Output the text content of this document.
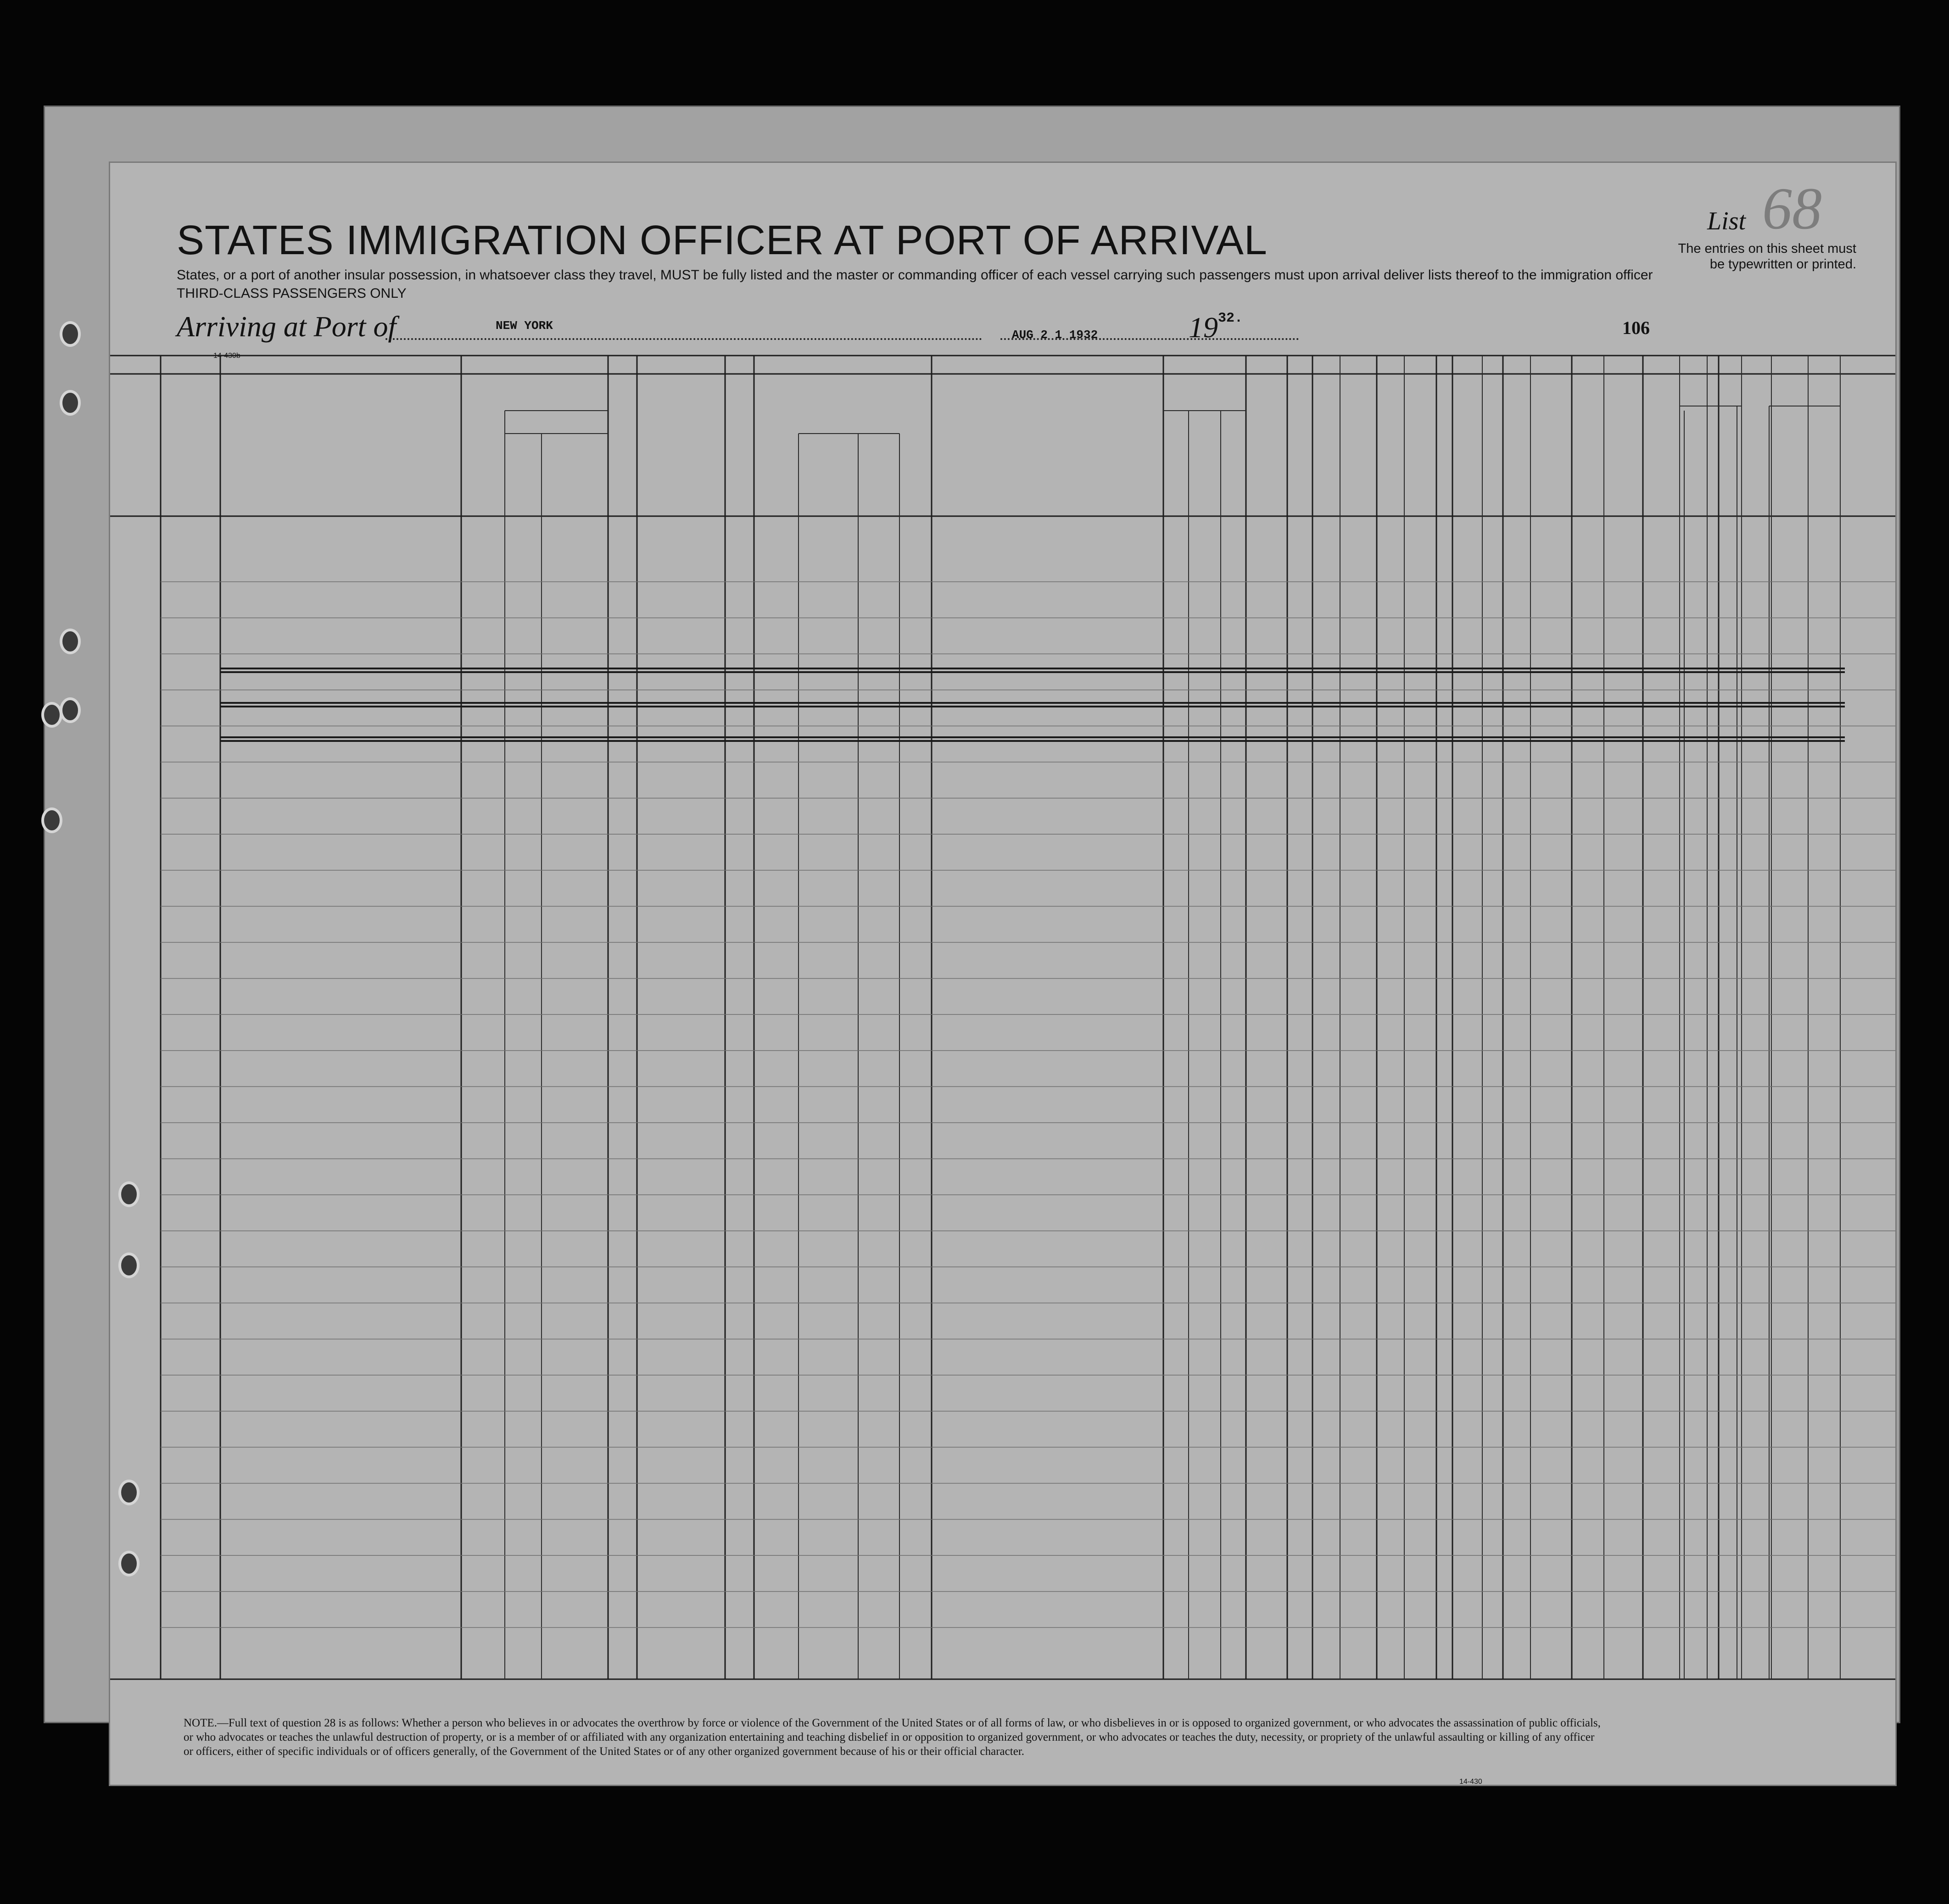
STATES IMMIGRATION OFFICER AT PORT OF ARRIVAL
States, or a port of another insular possession, in whatsoever class they travel, MUST be fully listed and the master or commanding officer of each vessel carrying such passengers must upon arrival deliver lists thereof to the immigration officer
THIRD-CLASS PASSENGERS ONLY
List 68
The entries on this sheet must be typewritten or printed.
Arriving at Port of	NEW YORK
AUG 2 1 1932	$19^{32.}$	106
14-430b
NOTE.—Full text of question 28 is as follows: Whether a person who believes in or advocates the overthrow by force or violence of the Government of the United States or of all forms of law, or who disbelieves in or is opposed to organized government, or who advocates the assassination of public officials, or who advocates or teaches the unlawful destruction of property, or is a member of or affiliated with any organization entertaining and teaching disbelief in or opposition to organized government, or who advocates or teaches the duty, necessity, or propriety of the unlawful assaulting or killing of any officer or officers, either of specific individuals or of officers generally, of the Government of the United States or of any other organized government because of his or their official character.
14-430
